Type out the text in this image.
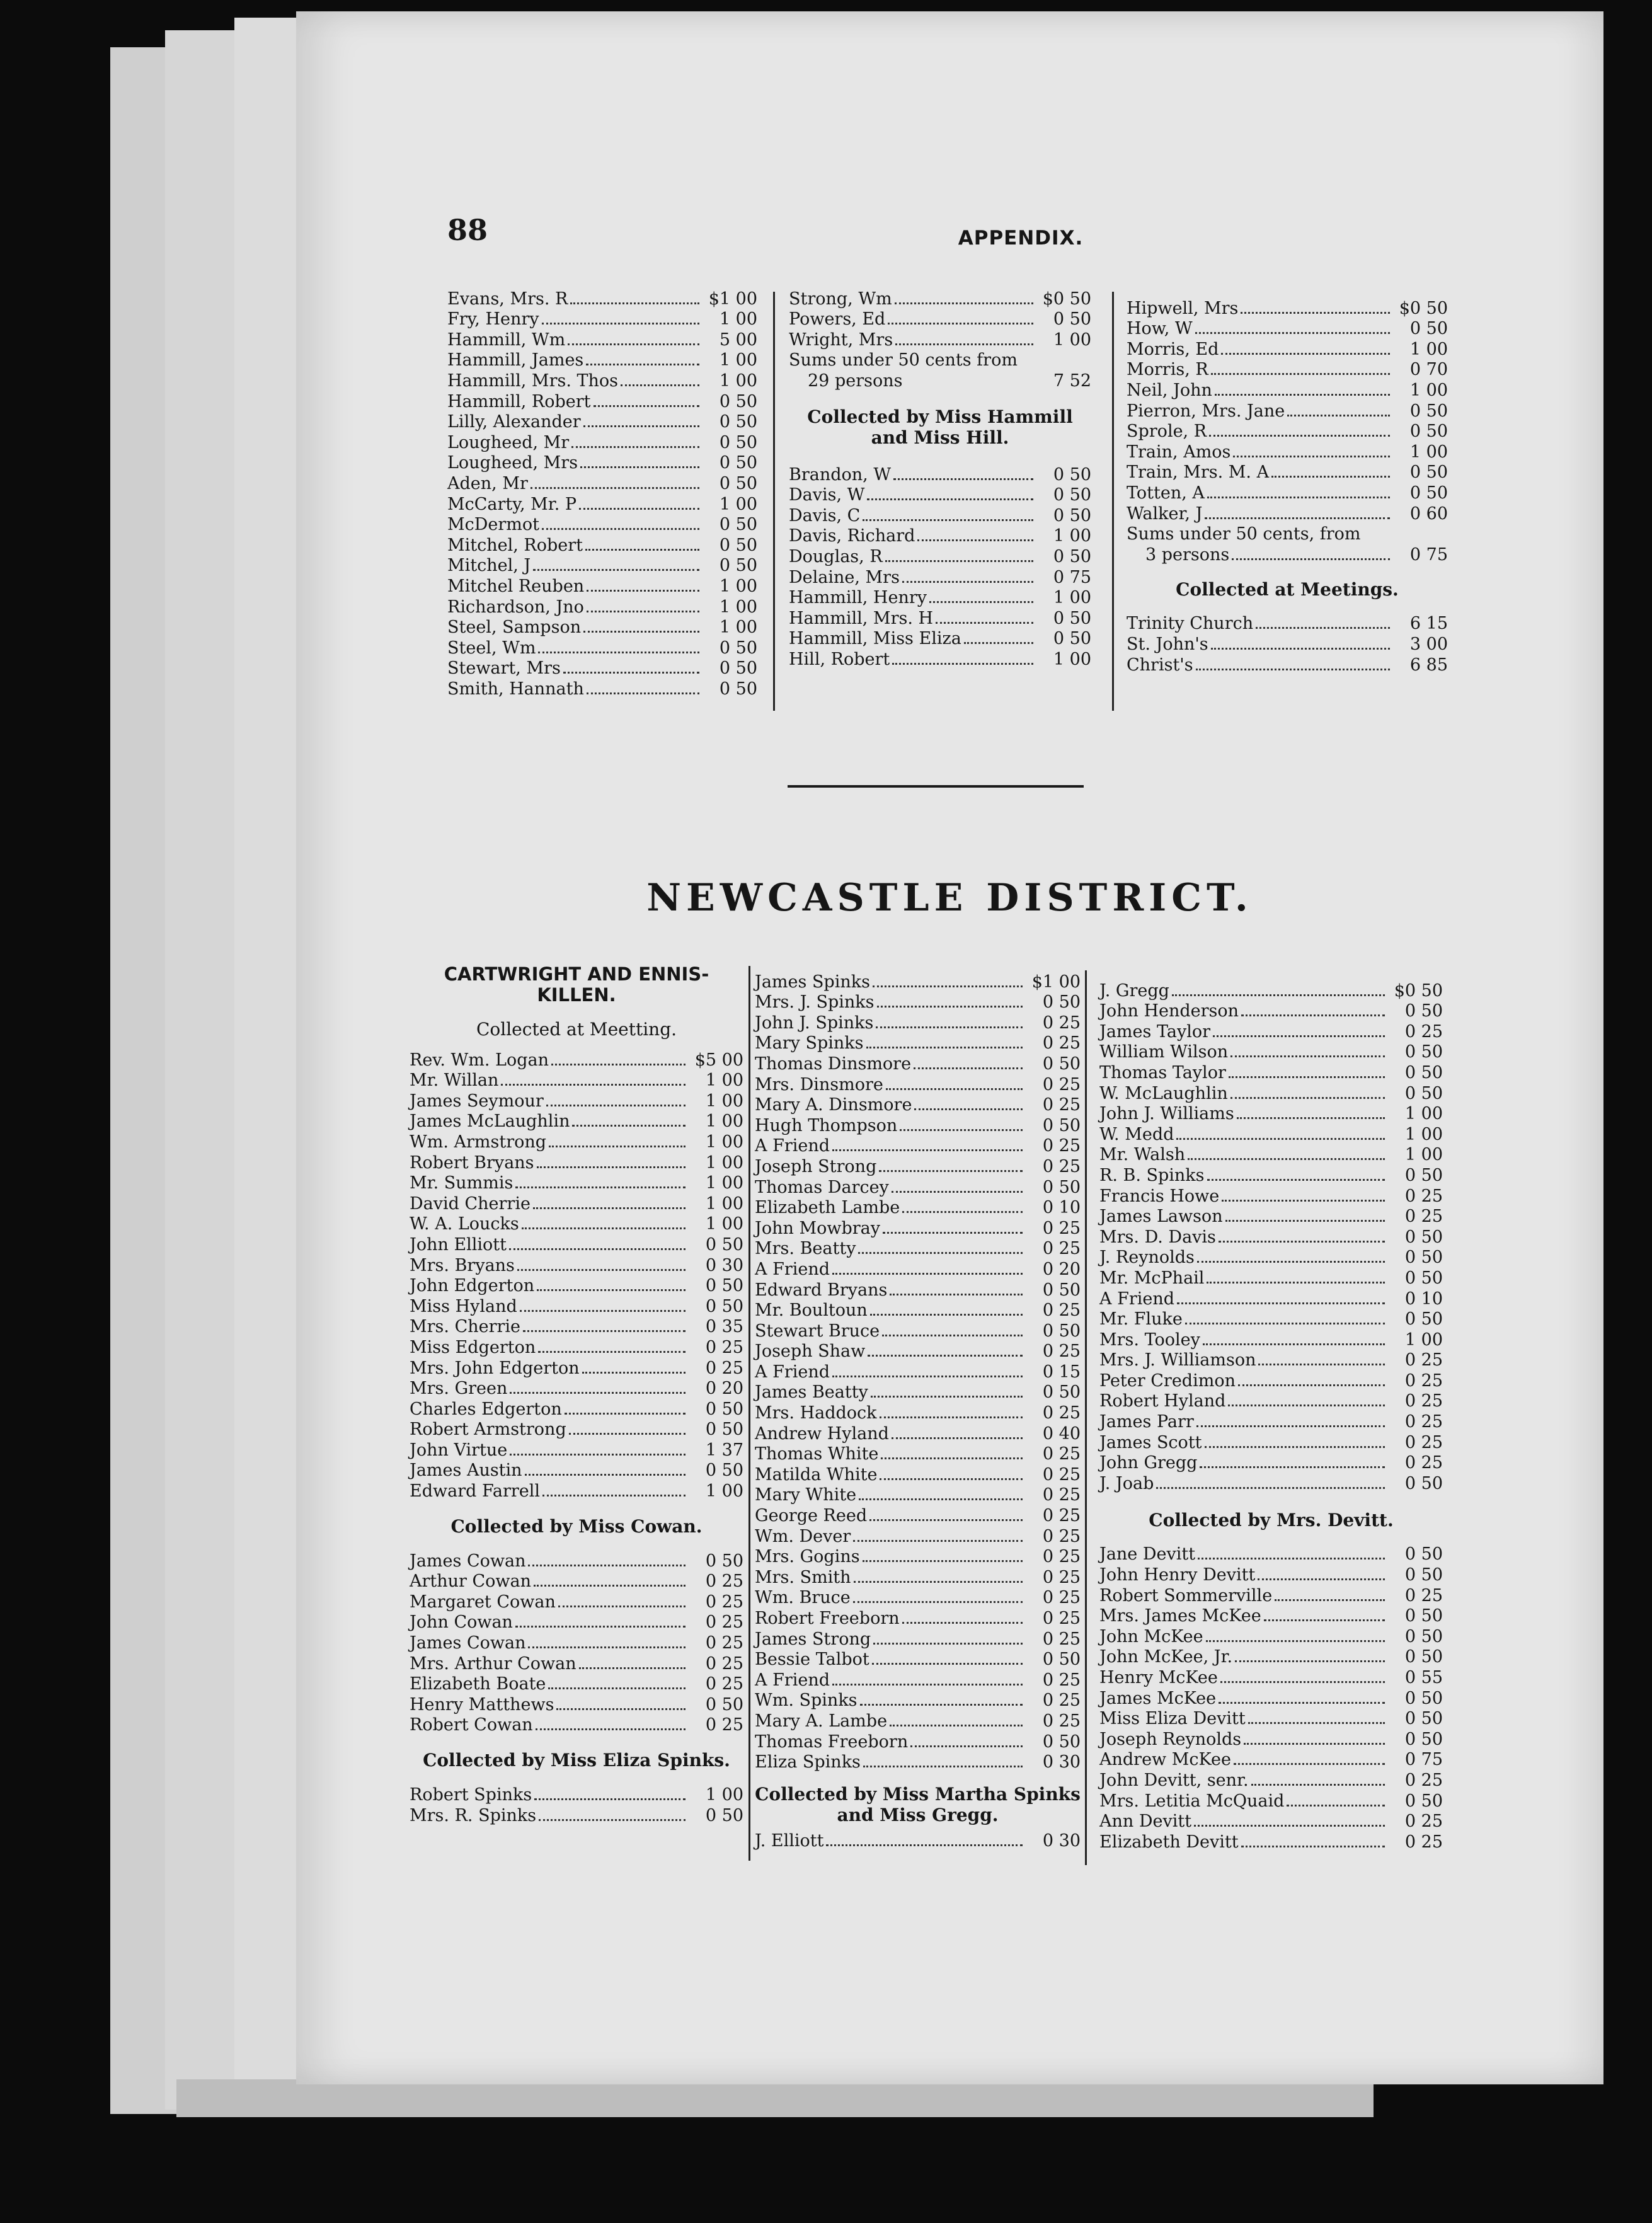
88	APPENDIX.
Evans, Mrs. R	$1 00
Fry, Henry	1 00
Hammill, Wm	5 00
Hammill, James	1 00
Hammill, Mrs. Thos	1 00
Hammill, Robert	0 50
Lilly, Alexander	0 50
Lougheed, Mr	0 50
Lougheed, Mrs	0 50
Aden, Mr	0 50
McCarty, Mr. P	1 00
McDermot	0 50
Mitchel, Robert	0 50
Mitchel, J	0 50
Mitchel Reuben	1 00
Richardson, Jno	1 00
Steel, Sampson	1 00
Steel, Wm	0 50
Stewart, Mrs	0 50
Smith, Hannath	0 50
Strong, Wm	$0 50
Powers, Ed	0 50
Wright, Mrs	1 00
Sums under 50 cents from
29 persons	7 52
Collected by Miss Hammill and Miss Hill.
Brandon, W	0 50
Davis, W	0 50
Davis, C	0 50
Davis, Richard	1 00
Douglas, R	0 50
Delaine, Mrs	0 75
Hammill, Henry	1 00
Hammill, Mrs. H	0 50
Hammill, Miss Eliza	0 50
Hill, Robert	1 00
Hipwell, Mrs	$0 50
How, W	0 50
Morris, Ed	1 00
Morris, R	0 70
Neil, John	1 00
Pierron, Mrs. Jane	0 50
Sprole, R	0 50
Train, Amos	1 00
Train, Mrs. M. A	0 50
Totten, A	0 50
Walker, J	0 60
Sums under 50 cents, from
3 persons	0 75
Collected at Meetings.
Trinity Church	6 15
St. John's	3 00
Christ's	6 85
NEWCASTLE DISTRICT.
CARTWRIGHT AND ENNIS-KILLEN.
Collected at Meetting.
Rev. Wm. Logan	$5 00
Mr. Willan	1 00
James Seymour	1 00
James McLaughlin	1 00
Wm. Armstrong	1 00
Robert Bryans	1 00
Mr. Summis	1 00
David Cherrie	1 00
W. A. Loucks	1 00
John Elliott	0 50
Mrs. Bryans	0 30
John Edgerton	0 50
Miss Hyland	0 50
Mrs. Cherrie	0 35
Miss Edgerton	0 25
Mrs. John Edgerton	0 25
Mrs. Green	0 20
Charles Edgerton	0 50
Robert Armstrong	0 50
John Virtue	1 37
James Austin	0 50
Edward Farrell	1 00
Collected by Miss Cowan.
James Cowan	0 50
Arthur Cowan	0 25
Margaret Cowan	0 25
John Cowan	0 25
James Cowan	0 25
Mrs. Arthur Cowan	0 25
Elizabeth Boate	0 25
Henry Matthews	0 50
Robert Cowan	0 25
Collected by Miss Eliza Spinks.
Robert Spinks	1 00
Mrs. R. Spinks	0 50
James Spinks	$1 00
Mrs. J. Spinks	0 50
John J. Spinks	0 25
Mary Spinks	0 25
Thomas Dinsmore	0 50
Mrs. Dinsmore	0 25
Mary A. Dinsmore	0 25
Hugh Thompson	0 50
A Friend	0 25
Joseph Strong	0 25
Thomas Darcey	0 50
Elizabeth Lambe	0 10
John Mowbray	0 25
Mrs. Beatty	0 25
A Friend	0 20
Edward Bryans	0 50
Mr. Boultoun	0 25
Stewart Bruce	0 50
Joseph Shaw	0 25
A Friend	0 15
James Beatty	0 50
Mrs. Haddock	0 25
Andrew Hyland	0 40
Thomas White	0 25
Matilda White	0 25
Mary White	0 25
George Reed	0 25
Wm. Dever	0 25
Mrs. Gogins	0 25
Mrs. Smith	0 25
Wm. Bruce	0 25
Robert Freeborn	0 25
James Strong	0 25
Bessie Talbot	0 50
A Friend	0 25
Wm. Spinks	0 25
Mary A. Lambe	0 25
Thomas Freeborn	0 50
Eliza Spinks	0 30
Collected by Miss Martha Spinks and Miss Gregg.
J. Elliott	0 30
J. Gregg	$0 50
John Henderson	0 50
James Taylor	0 25
William Wilson	0 50
Thomas Taylor	0 50
W. McLaughlin	0 50
John J. Williams	1 00
W. Medd	1 00
Mr. Walsh	1 00
R. B. Spinks	0 50
Francis Howe	0 25
James Lawson	0 25
Mrs. D. Davis	0 50
J. Reynolds	0 50
Mr. McPhail	0 50
A Friend	0 10
Mr. Fluke	0 50
Mrs. Tooley	1 00
Mrs. J. Williamson	0 25
Peter Credimon	0 25
Robert Hyland	0 25
James Parr	0 25
James Scott	0 25
John Gregg	0 25
J. Joab	0 50
Collected by Mrs. Devitt.
Jane Devitt	0 50
John Henry Devitt	0 50
Robert Sommerville	0 25
Mrs. James McKee	0 50
John McKee	0 50
John McKee, Jr.	0 50
Henry McKee	0 55
James McKee	0 50
Miss Eliza Devitt	0 50
Joseph Reynolds	0 50
Andrew McKee	0 75
John Devitt, senr.	0 25
Mrs. Letitia McQuaid	0 50
Ann Devitt	0 25
Elizabeth Devitt	0 25
